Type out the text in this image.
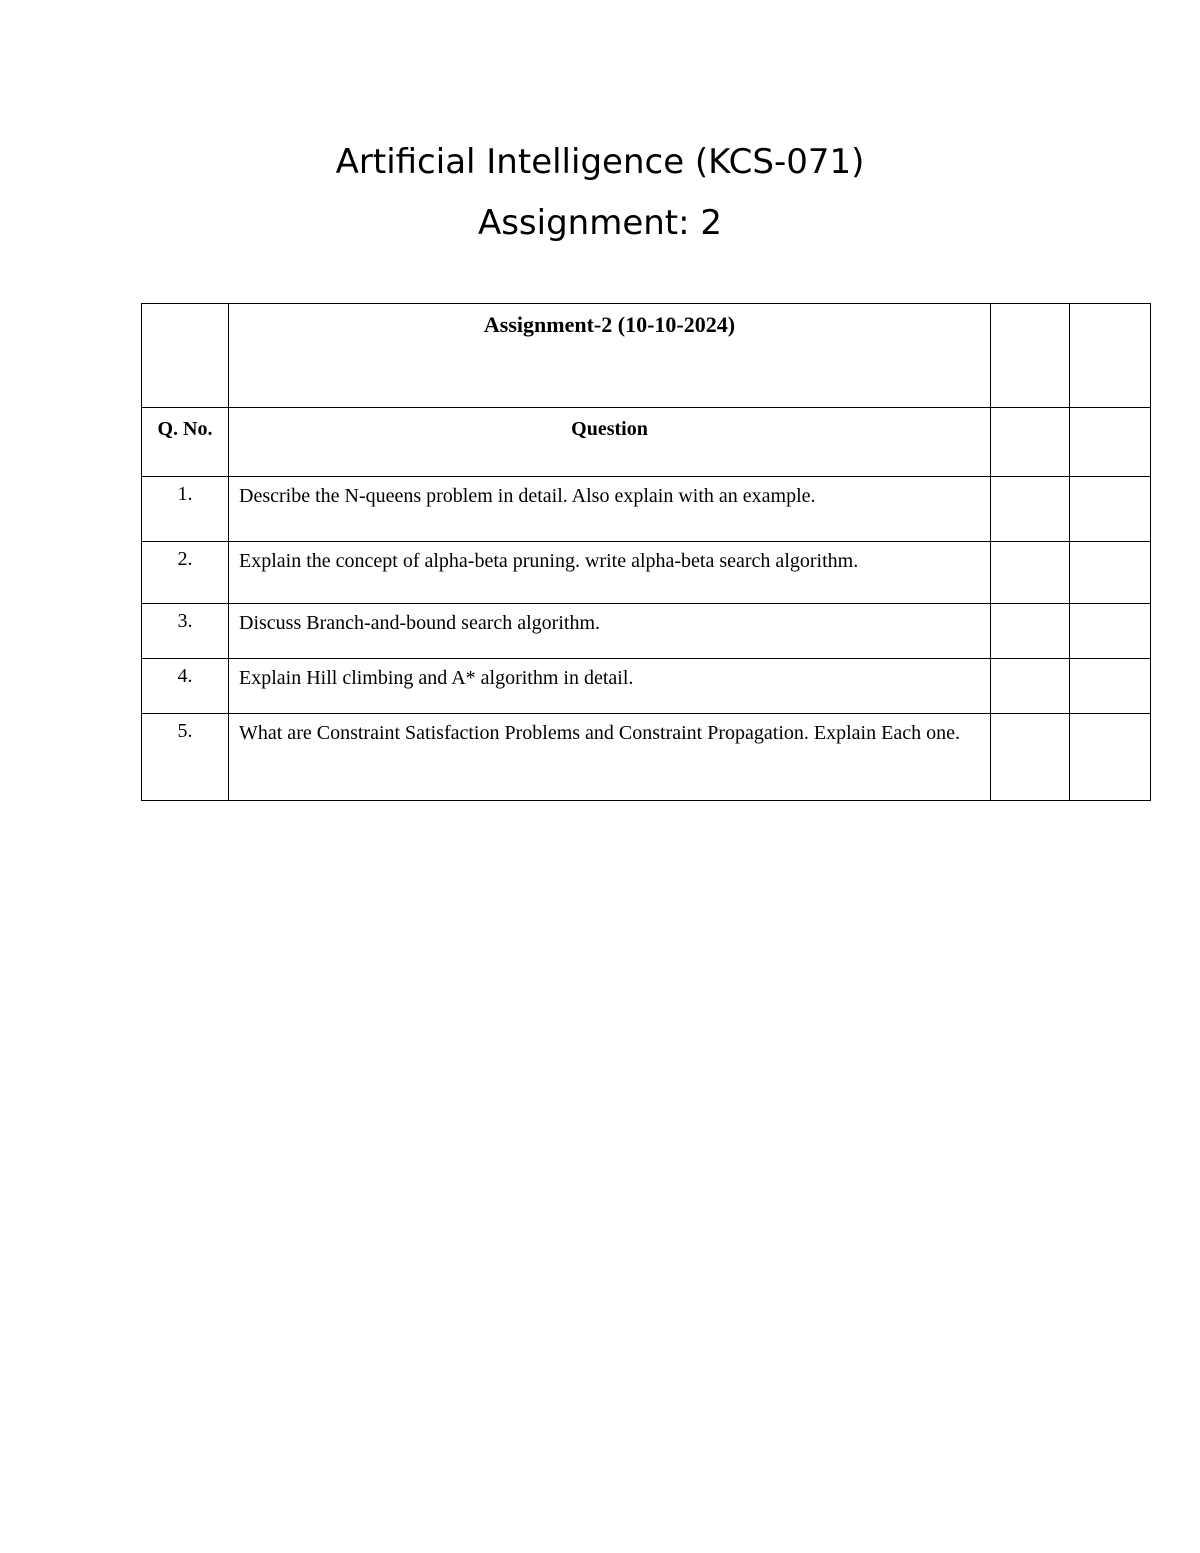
Artificial Intelligence (KCS-071)
Assignment: 2
	Assignment-2 (10-10-2024)		
Q. No.	Question		
1.	Describe the N-queens problem in detail. Also explain with an example.		
2.	Explain the concept of alpha-beta pruning. write alpha-beta search algorithm.		
3.	Discuss Branch-and-bound search algorithm.		
4.	Explain Hill climbing and A* algorithm in detail.		
5.	What are Constraint Satisfaction Problems and Constraint Propagation. Explain Each one.		
